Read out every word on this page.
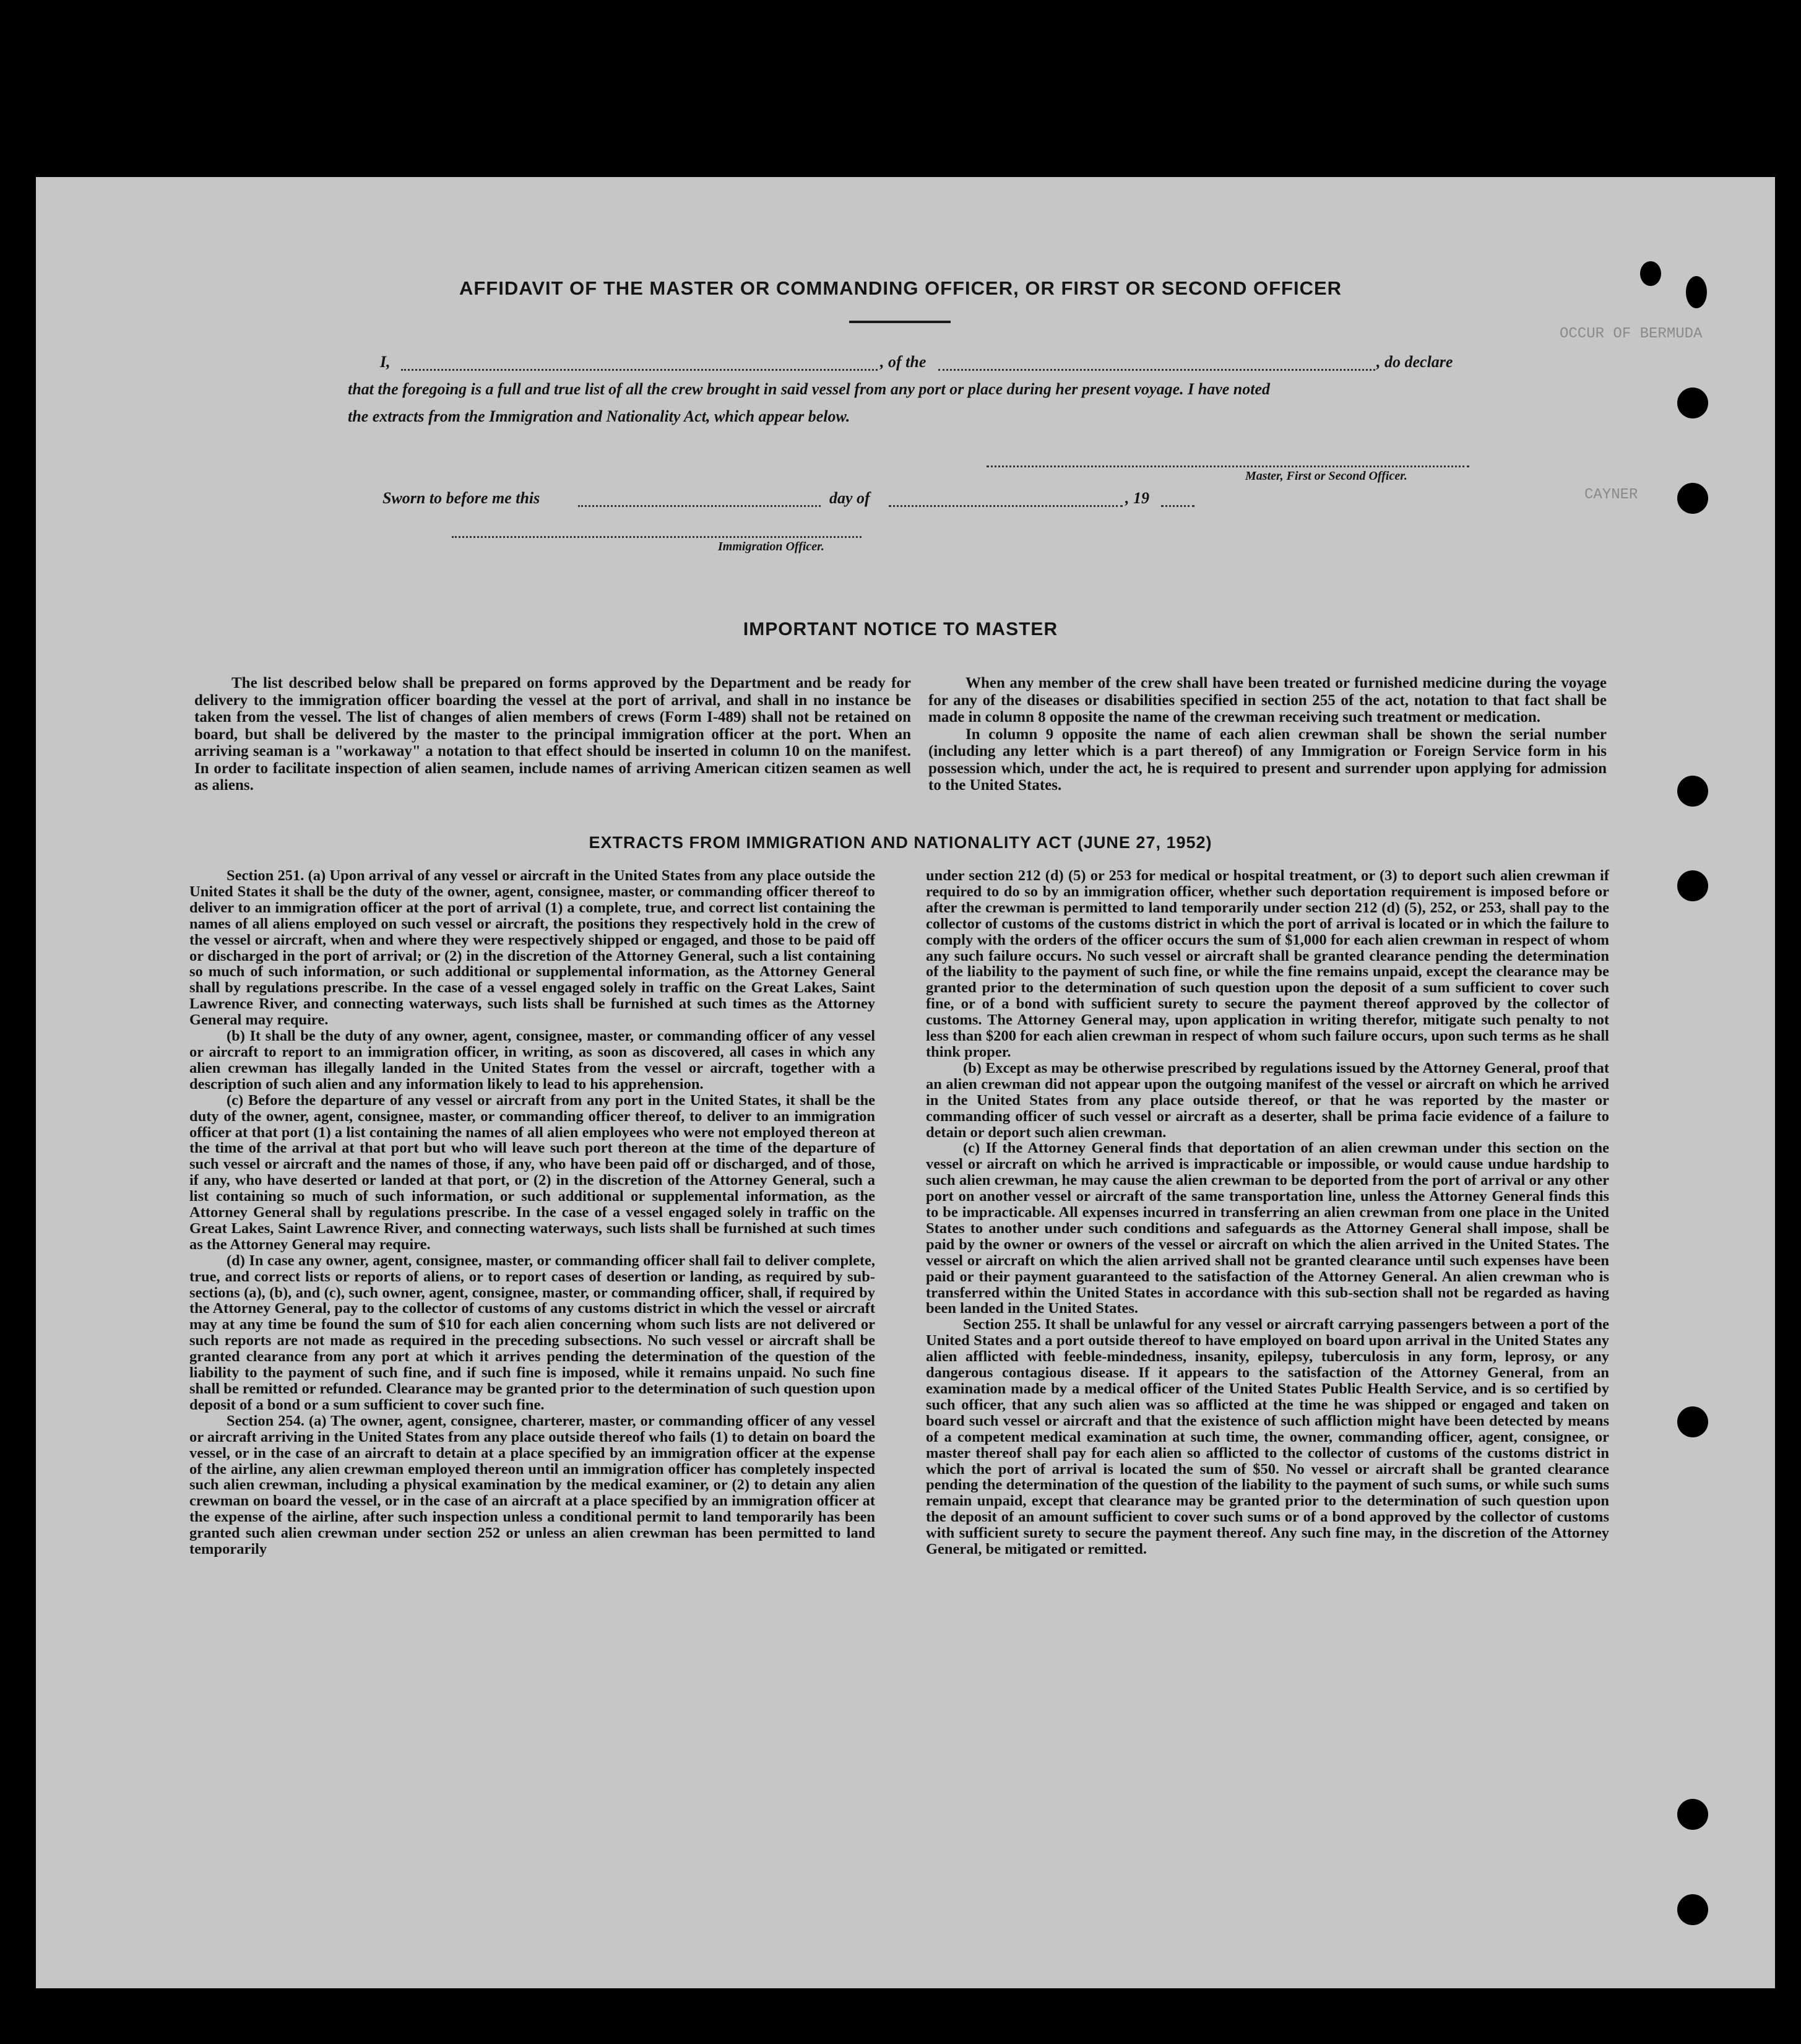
AFFIDAVIT OF THE MASTER OR COMMANDING OFFICER, OR FIRST OR SECOND OFFICER
I,	, of the	, do declare
that the foregoing is a full and true list of all the crew brought in said vessel from any port or place during her present voyage. I have noted
the extracts from the Immigration and Nationality Act, which appear below.
Master, First or Second Officer.
Sworn to before me this	day of	, 19
Immigration Officer.
OCCUR OF BERMUDA
CAYNER
IMPORTANT NOTICE TO MASTER

The list described below shall be prepared on forms approved by the Department and be ready for delivery to the immigration officer boarding the vessel at the port of arrival, and shall in no instance be taken from the vessel. The list of changes of alien members of crews (Form I-489) shall not be retained on board, but shall be delivered by the master to the principal immigration officer at the port. When an arriving seaman is a "workaway" a notation to that effect should be inserted in column 10 on the manifest. In order to facilitate inspection of alien seamen, include names of arriving American citizen seamen as well as aliens.

When any member of the crew shall have been treated or furnished medicine during the voyage for any of the diseases or disabilities specified in section 255 of the act, notation to that fact shall be made in column 8 opposite the name of the crewman receiving such treatment or medication.

In column 9 opposite the name of each alien crewman shall be shown the serial number (including any letter which is a part thereof) of any Immigration or Foreign Service form in his possession which, under the act, he is required to present and surrender upon applying for admission to the United States.

EXTRACTS FROM IMMIGRATION AND NATIONALITY ACT (JUNE 27, 1952)

Section 251. (a) Upon arrival of any vessel or aircraft in the United States from any place outside the United States it shall be the duty of the owner, agent, consignee, master, or commanding officer thereof to deliver to an immigration officer at the port of arrival (1) a complete, true, and correct list containing the names of all aliens employed on such vessel or aircraft, the positions they respectively hold in the crew of the vessel or aircraft, when and where they were respectively shipped or engaged, and those to be paid off or discharged in the port of arrival; or (2) in the discretion of the Attorney General, such a list containing so much of such information, or such additional or supplemental information, as the Attorney General shall by regulations prescribe. In the case of a vessel engaged solely in traffic on the Great Lakes, Saint Lawrence River, and connecting waterways, such lists shall be furnished at such times as the Attorney General may require.

(b) It shall be the duty of any owner, agent, consignee, master, or commanding officer of any vessel or aircraft to report to an immigration officer, in writing, as soon as discovered, all cases in which any alien crewman has illegally landed in the United States from the vessel or aircraft, together with a description of such alien and any information likely to lead to his apprehension.

(c) Before the departure of any vessel or aircraft from any port in the United States, it shall be the duty of the owner, agent, consignee, master, or commanding officer thereof, to deliver to an immigration officer at that port (1) a list containing the names of all alien employees who were not employed thereon at the time of the arrival at that port but who will leave such port thereon at the time of the departure of such vessel or aircraft and the names of those, if any, who have been paid off or discharged, and of those, if any, who have deserted or landed at that port, or (2) in the discretion of the Attorney General, such a list containing so much of such information, or such additional or supplemental information, as the Attorney General shall by regulations prescribe. In the case of a vessel engaged solely in traffic on the Great Lakes, Saint Lawrence River, and connecting waterways, such lists shall be furnished at such times as the Attorney General may require.

(d) In case any owner, agent, consignee, master, or commanding officer shall fail to deliver complete, true, and correct lists or reports of aliens, or to report cases of desertion or landing, as required by sub-sections (a), (b), and (c), such owner, agent, consignee, master, or commanding officer, shall, if required by the Attorney General, pay to the collector of customs of any customs district in which the vessel or aircraft may at any time be found the sum of $10 for each alien concerning whom such lists are not delivered or such reports are not made as required in the preceding subsections. No such vessel or aircraft shall be granted clearance from any port at which it arrives pending the determination of the question of the liability to the payment of such fine, and if such fine is imposed, while it remains unpaid. No such fine shall be remitted or refunded. Clearance may be granted prior to the determination of such question upon deposit of a bond or a sum sufficient to cover such fine.

Section 254. (a) The owner, agent, consignee, charterer, master, or commanding officer of any vessel or aircraft arriving in the United States from any place outside thereof who fails (1) to detain on board the vessel, or in the case of an aircraft to detain at a place specified by an immigration officer at the expense of the airline, any alien crewman employed thereon until an immigration officer has completely inspected such alien crewman, including a physical examination by the medical examiner, or (2) to detain any alien crewman on board the vessel, or in the case of an aircraft at a place specified by an immigration officer at the expense of the airline, after such inspection unless a conditional permit to land temporarily has been granted such alien crewman under section 252 or unless an alien crewman has been permitted to land temporarily

under section 212 (d) (5) or 253 for medical or hospital treatment, or (3) to deport such alien crewman if required to do so by an immigration officer, whether such deportation requirement is imposed before or after the crewman is permitted to land temporarily under section 212 (d) (5), 252, or 253, shall pay to the collector of customs of the customs district in which the port of arrival is located or in which the failure to comply with the orders of the officer occurs the sum of $1,000 for each alien crewman in respect of whom any such failure occurs. No such vessel or aircraft shall be granted clearance pending the determination of the liability to the payment of such fine, or while the fine remains unpaid, except the clearance may be granted prior to the determination of such question upon the deposit of a sum sufficient to cover such fine, or of a bond with sufficient surety to secure the payment thereof approved by the collector of customs. The Attorney General may, upon application in writing therefor, mitigate such penalty to not less than $200 for each alien crewman in respect of whom such failure occurs, upon such terms as he shall think proper.

(b) Except as may be otherwise prescribed by regulations issued by the Attorney General, proof that an alien crewman did not appear upon the outgoing manifest of the vessel or aircraft on which he arrived in the United States from any place outside thereof, or that he was reported by the master or commanding officer of such vessel or aircraft as a deserter, shall be prima facie evidence of a failure to detain or deport such alien crewman.

(c) If the Attorney General finds that deportation of an alien crewman under this section on the vessel or aircraft on which he arrived is impracticable or impossible, or would cause undue hardship to such alien crewman, he may cause the alien crewman to be deported from the port of arrival or any other port on another vessel or aircraft of the same transportation line, unless the Attorney General finds this to be impracticable. All expenses incurred in transferring an alien crewman from one place in the United States to another under such conditions and safeguards as the Attorney General shall impose, shall be paid by the owner or owners of the vessel or aircraft on which the alien arrived in the United States. The vessel or aircraft on which the alien arrived shall not be granted clearance until such expenses have been paid or their payment guaranteed to the satisfaction of the Attorney General. An alien crewman who is transferred within the United States in accordance with this sub-section shall not be regarded as having been landed in the United States.

Section 255. It shall be unlawful for any vessel or aircraft carrying passengers between a port of the United States and a port outside thereof to have employed on board upon arrival in the United States any alien afflicted with feeble-mindedness, insanity, epilepsy, tuberculosis in any form, leprosy, or any dangerous contagious disease. If it appears to the satisfaction of the Attorney General, from an examination made by a medical officer of the United States Public Health Service, and is so certified by such officer, that any such alien was so afflicted at the time he was shipped or engaged and taken on board such vessel or aircraft and that the existence of such affliction might have been detected by means of a competent medical examination at such time, the owner, commanding officer, agent, consignee, or master thereof shall pay for each alien so afflicted to the collector of customs of the customs district in which the port of arrival is located the sum of $50. No vessel or aircraft shall be granted clearance pending the determination of the question of the liability to the payment of such sums, or while such sums remain unpaid, except that clearance may be granted prior to the determination of such question upon the deposit of an amount sufficient to cover such sums or of a bond approved by the collector of customs with sufficient surety to secure the payment thereof. Any such fine may, in the discretion of the Attorney General, be mitigated or remitted.
